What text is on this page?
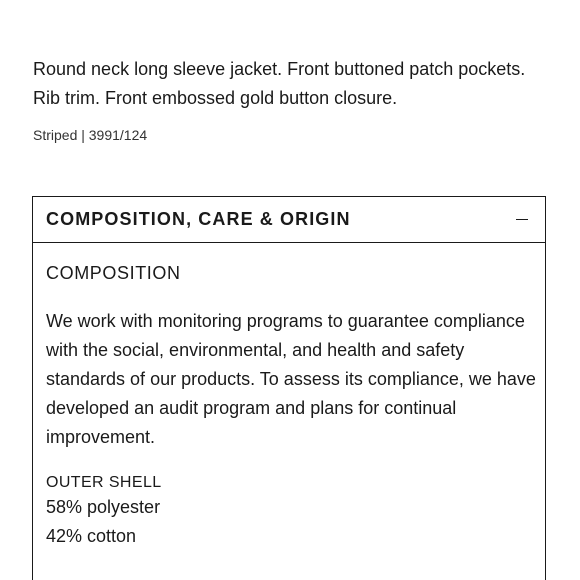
Round neck long sleeve jacket. Front buttoned patch pockets. Rib trim. Front embossed gold button closure.

Striped | 3991/124
COMPOSITION, CARE & ORIGIN
COMPOSITION

We work with monitoring programs to guarantee compliance with the social, environmental, and health and safety standards of our products. To assess its compliance, we have developed an audit program and plans for continual improvement.

OUTER SHELL
58% polyester
42% cotton
